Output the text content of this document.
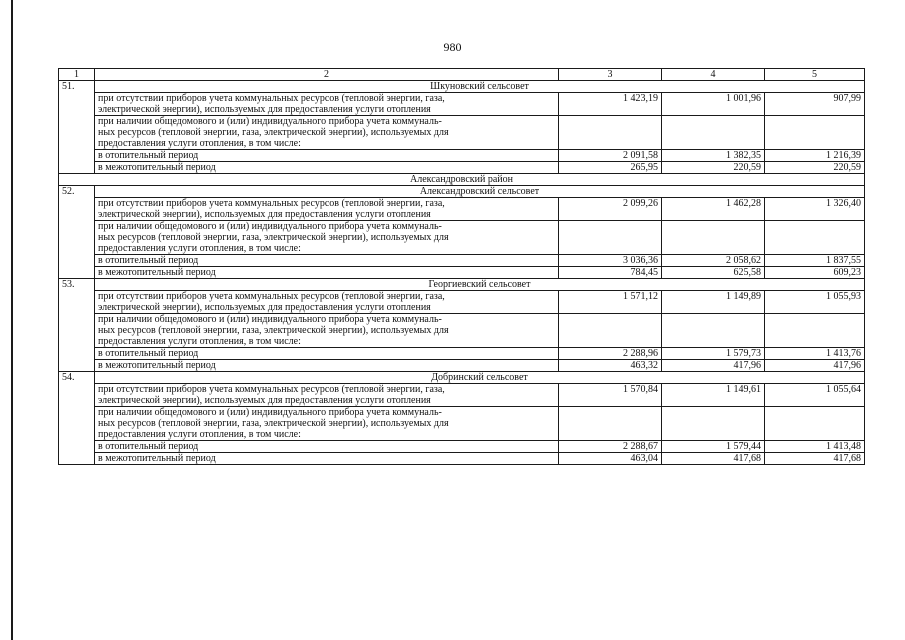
980
1	2	3	4	5
51.	Шкуновский сельсовет			

	при отсутствии приборов учета коммунальных ресурсов (тепловой энергии, газа,
электрической энергии), используемых для предоставления услуги отопления	1 423,19	1 001,96	907,99

	при наличии общедомового и (или) индивидуального прибора учета коммуналь-
ных ресурсов (тепловой энергии, газа, электрической энергии), используемых для
предоставления услуги отопления, в том числе:			

	в отопительный период	2 091,58	1 382,35	1 216,39

	в межотопительный период	265,95	220,59	220,59
Александровский район				
52.	Александровский сельсовет			

	при отсутствии приборов учета коммунальных ресурсов (тепловой энергии, газа,
электрической энергии), используемых для предоставления услуги отопления	2 099,26	1 462,28	1 326,40

	при наличии общедомового и (или) индивидуального прибора учета коммуналь-
ных ресурсов (тепловой энергии, газа, электрической энергии), используемых для
предоставления услуги отопления, в том числе:			

	в отопительный период	3 036,36	2 058,62	1 837,55

	в межотопительный период	784,45	625,58	609,23
53.	Георгиевский сельсовет			

	при отсутствии приборов учета коммунальных ресурсов (тепловой энергии, газа,
электрической энергии), используемых для предоставления услуги отопления	1 571,12	1 149,89	1 055,93

	при наличии общедомового и (или) индивидуального прибора учета коммуналь-
ных ресурсов (тепловой энергии, газа, электрической энергии), используемых для
предоставления услуги отопления, в том числе:			

	в отопительный период	2 288,96	1 579,73	1 413,76

	в межотопительный период	463,32	417,96	417,96
54.	Добринский сельсовет			

	при отсутствии приборов учета коммунальных ресурсов (тепловой энергии, газа,
электрической энергии), используемых для предоставления услуги отопления	1 570,84	1 149,61	1 055,64

	при наличии общедомового и (или) индивидуального прибора учета коммуналь-
ных ресурсов (тепловой энергии, газа, электрической энергии), используемых для
предоставления услуги отопления, в том числе:			

	в отопительный период	2 288,67	1 579,44	1 413,48

	в межотопительный период	463,04	417,68	417,68
